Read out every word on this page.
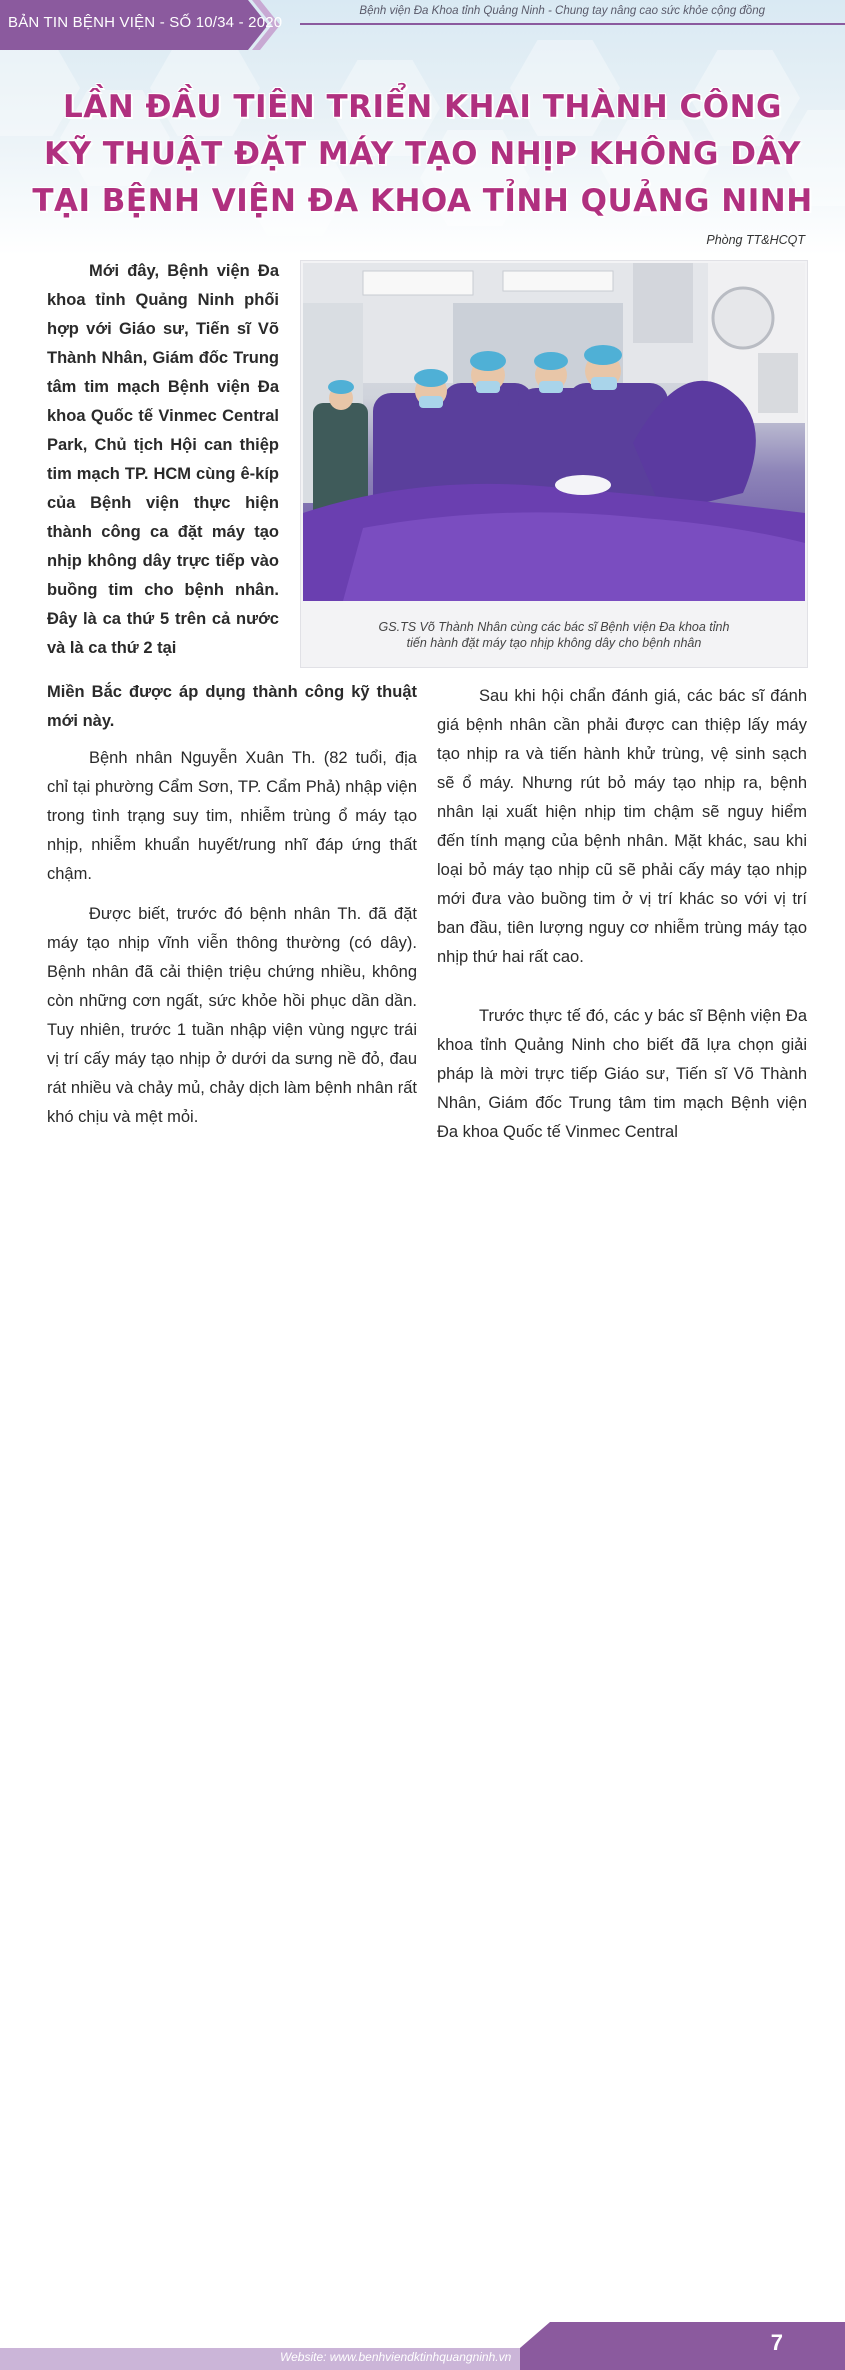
BẢN TIN BỆNH VIỆN - SỐ 10/34 - 2020
Bệnh viện Đa Khoa tỉnh Quảng Ninh - Chung tay nâng cao sức khỏe cộng đồng
LẦN ĐẦU TIÊN TRIỂN KHAI THÀNH CÔNG
KỸ THUẬT ĐẶT MÁY TẠO NHỊP KHÔNG DÂY
TẠI BỆNH VIỆN ĐA KHOA TỈNH QUẢNG NINH
Phòng TT&HCQT

Mới đây, Bệnh viện Đa khoa tỉnh Quảng Ninh phối hợp với Giáo sư, Tiến sĩ Võ Thành Nhân, Giám đốc Trung tâm tim mạch Bệnh viện Đa khoa Quốc tế Vinmec Central Park, Chủ tịch Hội can thiệp tim mạch TP. HCM cùng ê-kíp của Bệnh viện thực hiện thành công ca đặt máy tạo nhịp không dây trực tiếp vào buồng tim cho bệnh nhân. Đây là ca thứ 5 trên cả nước và là ca thứ 2 tại

GS.TS Võ Thành Nhân cùng các bác sĩ Bệnh viện Đa khoa tỉnh
tiến hành đặt máy tạo nhịp không dây cho bệnh nhân

Miền Bắc được áp dụng thành công kỹ thuật mới này.

Bệnh nhân Nguyễn Xuân Th. (82 tuổi, địa chỉ tại phường Cẩm Sơn, TP. Cẩm Phả) nhập viện trong tình trạng suy tim, nhiễm trùng ổ máy tạo nhịp, nhiễm khuẩn huyết/rung nhĩ đáp ứng thất chậm.

Được biết, trước đó bệnh nhân Th. đã đặt máy tạo nhịp vĩnh viễn thông thường (có dây). Bệnh nhân đã cải thiện triệu chứng nhiều, không còn những cơn ngất, sức khỏe hồi phục dần dần. Tuy nhiên, trước 1 tuần nhập viện vùng ngực trái vị trí cấy máy tạo nhịp ở dưới da sưng nề đỏ, đau rát nhiều và chảy mủ, chảy dịch làm bệnh nhân rất khó chịu và mệt mỏi.

Sau khi hội chẩn đánh giá, các bác sĩ đánh giá bệnh nhân cần phải được can thiệp lấy máy tạo nhịp ra và tiến hành khử trùng, vệ sinh sạch sẽ ổ máy. Nhưng rút bỏ máy tạo nhịp ra, bệnh nhân lại xuất hiện nhịp tim chậm sẽ nguy hiểm đến tính mạng của bệnh nhân. Mặt khác, sau khi loại bỏ máy tạo nhịp cũ sẽ phải cấy máy tạo nhịp mới đưa vào buồng tim ở vị trí khác so với vị trí ban đầu, tiên lượng nguy cơ nhiễm trùng máy tạo nhịp thứ hai rất cao.

Trước thực tế đó, các y bác sĩ Bệnh viện Đa khoa tỉnh Quảng Ninh cho biết đã lựa chọn giải pháp là mời trực tiếp Giáo sư, Tiến sĩ Võ Thành Nhân, Giám đốc Trung tâm tim mạch Bệnh viện Đa khoa Quốc tế Vinmec Central

Website: www.benhviendktinhquangninh.vn
7
